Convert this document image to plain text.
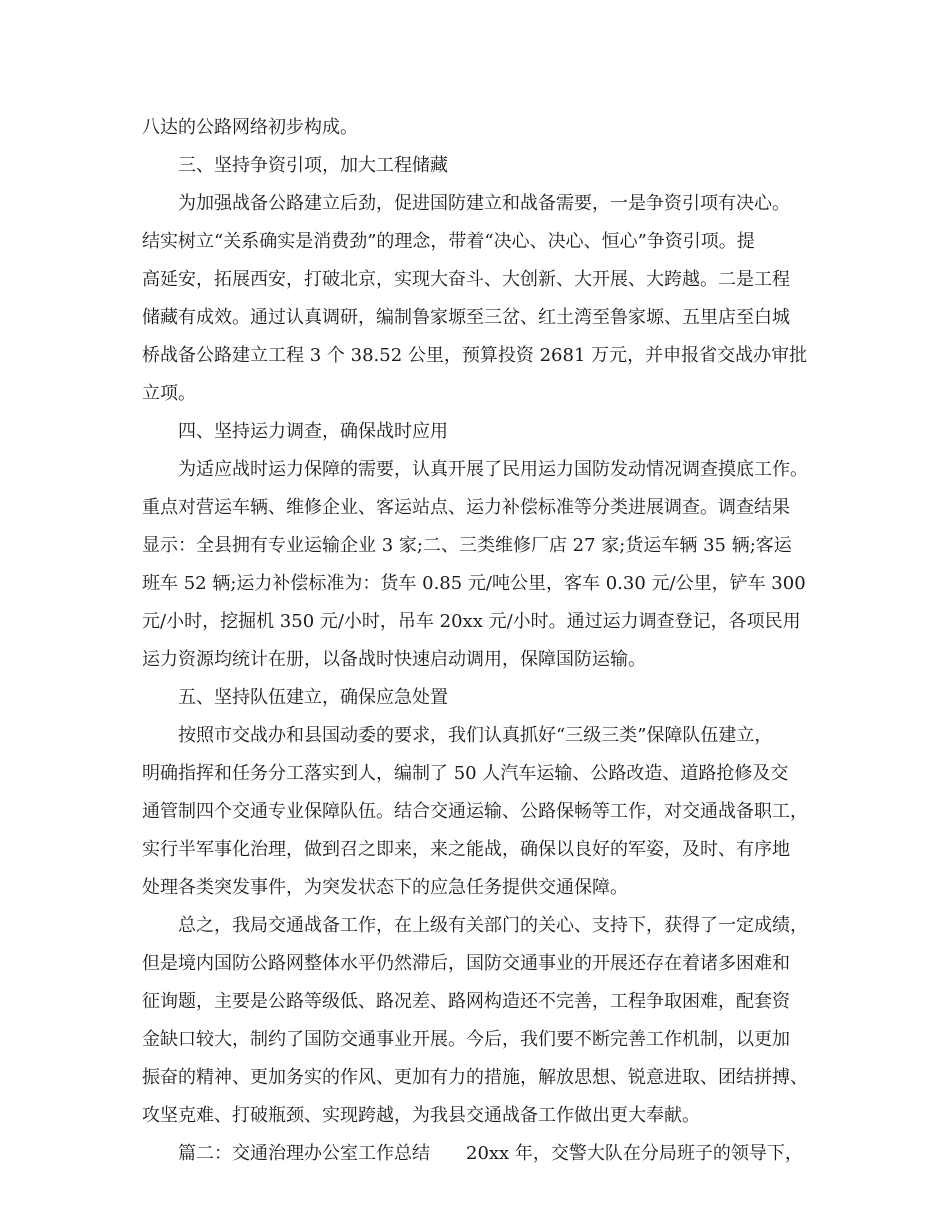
八达的公路网络初步构成。
三、坚持争资引项，加大工程储藏
为加强战备公路建立后劲，促进国防建立和战备需要，一是争资引项有决心。
结实树立“关系确实是消费劲”的理念，带着“决心、决心、恒心”争资引项。提
高延安，拓展西安，打破北京，实现大奋斗、大创新、大开展、大跨越。二是工程
储藏有成效。通过认真调研，编制鲁家塬至三岔、红土湾至鲁家塬、五里店至白城
桥战备公路建立工程 3 个 38.52 公里，预算投资 2681 万元，并申报省交战办审批
立项。
四、坚持运力调查，确保战时应用
为适应战时运力保障的需要，认真开展了民用运力国防发动情况调查摸底工作。
重点对营运车辆、维修企业、客运站点、运力补偿标准等分类进展调查。调查结果
显示：全县拥有专业运输企业 3 家;二、三类维修厂店 27 家;货运车辆 35 辆;客运
班车 52 辆;运力补偿标准为：货车 0.85 元/吨公里，客车 0.30 元/公里，铲车 300
元/小时，挖掘机 350 元/小时，吊车 20xx 元/小时。通过运力调查登记，各项民用
运力资源均统计在册，以备战时快速启动调用，保障国防运输。
五、坚持队伍建立，确保应急处置
按照市交战办和县国动委的要求，我们认真抓好“三级三类”保障队伍建立，
明确指挥和任务分工落实到人，编制了 50 人汽车运输、公路改造、道路抢修及交
通管制四个交通专业保障队伍。结合交通运输、公路保畅等工作，对交通战备职工，
实行半军事化治理，做到召之即来，来之能战，确保以良好的军姿，及时、有序地
处理各类突发事件，为突发状态下的应急任务提供交通保障。
总之，我局交通战备工作，在上级有关部门的关心、支持下，获得了一定成绩，
但是境内国防公路网整体水平仍然滞后，国防交通事业的开展还存在着诸多困难和
征询题，主要是公路等级低、路况差、路网构造还不完善，工程争取困难，配套资
金缺口较大，制约了国防交通事业开展。今后，我们要不断完善工作机制，以更加
振奋的精神、更加务实的作风、更加有力的措施，解放思想、锐意进取、团结拼搏、
攻坚克难、打破瓶颈、实现跨越，为我县交通战备工作做出更大奉献。
篇二：交通治理办公室工作总结　　20xx 年，交警大队在分局班子的领导下，
